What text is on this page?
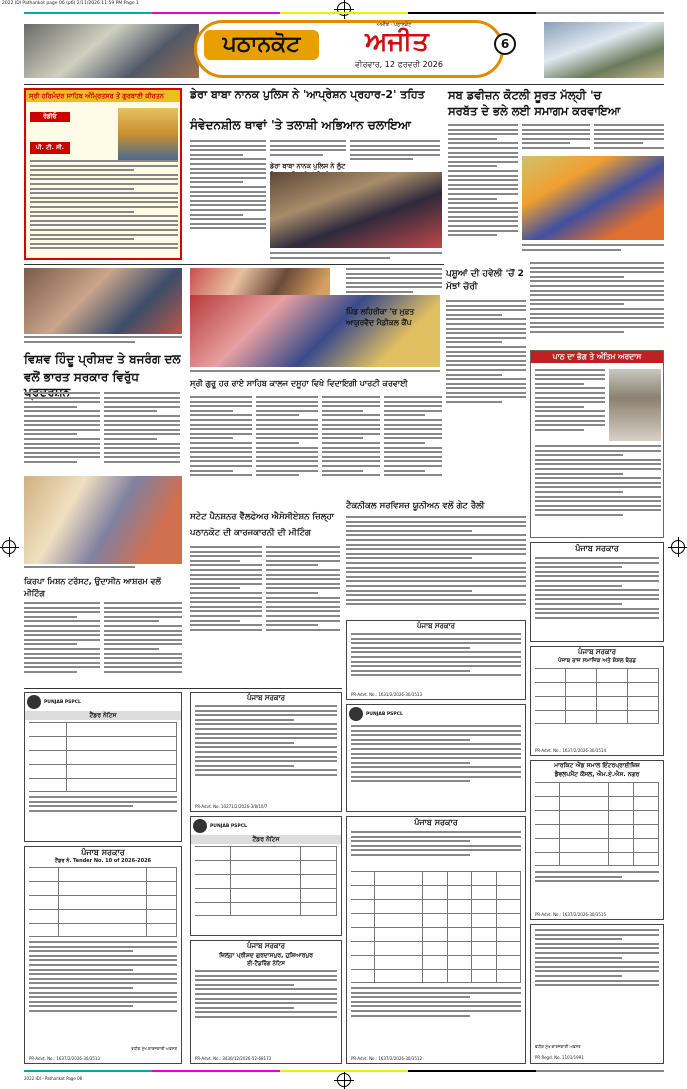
2022 IDI Pathankot page 06 (p6) 2/11/2026 11:59 PM Page 1
ਪਠਾਨਕੋਟ	ਅਜੀਤ
ਅਮੀਤ · ਪਠਾਨਕੋਟ
ਵੀਰਵਾਰ, 12 ਫਰਵਰੀ 2026
6
ਸ੍ਰੀ ਹਰਿਮੰਦਰ ਸਾਹਿਬ ਅੰਮ੍ਰਿਤਸਰ ਤੋਂ ਗੁਰਬਾਣੀ ਕੀਰਤਨ
ਰੇਡੀਓ
ਪੀ. ਟੀ. ਸੀ.
ਡੇਰਾ ਬਾਬਾ ਨਾਨਕ ਪੁਲਿਸ ਨੇ 'ਆਪ੍ਰੇਸ਼ਨ ਪ੍ਰਹਾਰ-2' ਤਹਿਤ
ਸੰਵੇਦਨਸ਼ੀਲ ਥਾਵਾਂ 'ਤੇ ਤਲਾਸ਼ੀ ਅਭਿਆਨ ਚਲਾਇਆ
ਡੇਰਾ ਬਾਬਾ ਨਾਨਕ ਪੁਲਿਸ ਨੇ ਲੁੱਟ
ਸਬ ਡਵੀਜ਼ਨ ਕੋਟਲੀ ਸੂਰਤ ਮੱਲ੍ਹੀ 'ਚ
ਸਰਬੱਤ ਦੇ ਭਲੇ ਲਈ ਸਮਾਗਮ ਕਰਵਾਇਆ
ਵਿਸ਼ਵ ਹਿੰਦੂ ਪ੍ਰੀਸ਼ਦ ਤੇ ਬਜਰੰਗ ਦਲ
ਵਲੋਂ ਭਾਰਤ ਸਰਕਾਰ ਵਿਰੁੱਧ	ਸ੍ਰੀ ਗੁਰੂ ਹਰ ਰਾਏ ਸਾਹਿਬ ਕਾਲਜ ਦਸੂਹਾ ਵਿਖੇ ਵਿਦਾਇਗੀ ਪਾਰਟੀ ਕਰਵਾਈ
ਪਿੰਡ ਲਹਿਰੀਕਾ 'ਚ ਮੁਫ਼ਤ ਆਯੁਰਵੈਦ ਮੈਡੀਕਲ ਕੈਂਪ
ਪਸ਼ੂਆਂ ਦੀ ਹਵੇਲੀ 'ਚੋਂ 2 ਮੱਝਾਂ ਚੋਰੀ
ਪਾਠ ਦਾ ਭੋਗ ਤੇ ਅੰਤਿਮ ਅਰਦਾਸ
ਟੈਕਨੀਕਲ ਸਰਵਿਸਜ਼ ਯੂਨੀਅਨ ਵਲੋਂ ਗੇਟ ਰੈਲੀ
ਸਟੇਟ ਪੈਨਸ਼ਨਰ ਵੈੱਲਫੇਅਰ ਐਸੋਸੀਏਸ਼ਨ ਜ਼ਿਲ੍ਹਾ
ਪਠਾਨਕੋਟ ਦੀ ਕਾਰਜਕਾਰਨੀ ਦੀ ਮੀਟਿੰਗ
ਕਿਰਪਾ ਮਿਸ਼ਨ ਟਰੱਸਟ, ਉਦਾਸੀਨ ਆਸ਼ਰਮ ਵਲੋਂ
ਮੀਟਿੰਗ
ਪੰਜਾਬ ਸਰਕਾਰ
ਪੰਜਾਬ ਸਰਕਾਰ
PR-Advt. No.: 1631/2/2026-30/3513
ਪੰਜਾਬ ਸਰਕਾਰ
ਪੰਜਾਬ ਰਾਜ ਸਮਾਜਿਕ ਅਤੇ ਸ਼ੋਸ਼ਲ ਬੋਰਡ
PR-Advt. No.: 1637/2/2026-30/3514
PUNJAB PSPCL
ਟੈਂਡਰ ਨੋਟਿਸ
ਪੰਜਾਬ ਸਰਕਾਰ
PR-Advt. No. 10271/2/2026-3/8/10/7
PUNJAB PSPCL
ਟੈਂਡਰ ਨੋਟਿਸ
PUNJAB PSPCL
ਮਾਰਕਿਟ ਐਂਡ ਸਮਾਲ ਇੰਟਰਪ੍ਰਾਈਜ਼ਿਜ਼
ਡੈਵਲਪਮੈਂਟ ਕੌਂਸਲ, ਐਮ.ਏ.ਐਸ. ਨਗਰ
PR-Advt. No.: 1637/2/2026-30/3515
ਪੰਜਾਬ ਸਰਕਾਰ
ਟੈਂਡਰ ਨੰ. Tender No. 10 of 2026-2026
ਵਧੀਕ ਮੁੱਖ ਕਾਰਜਕਾਰੀ ਅਫਸਰ
PR-Advt. No.: 1637/2/2026-30/3513
ਪੰਜਾਬ ਸਰਕਾਰ
ਜ਼ਿਲ੍ਹਾ ਪ੍ਰੀਸ਼ਦ ਗੁਰਦਾਸਪੁਰ, ਹੁਸ਼ਿਆਰਪੁਰ
ਈ-ਟੈਂਡਰਿੰਗ ਨੋਟਿਸ
PR-Advt. No.: 3430/12/2026-52-68173
ਪੰਜਾਬ ਸਰਕਾਰ
PR-Advt. No.: 1637/2/2026-30/3512
ਵਧੀਕ ਮੁੱਖ ਕਾਰਜਕਾਰੀ ਅਫਸਰ
PR Regd. No. 1101/1991
2022 IDI - Pathankot Page 06
